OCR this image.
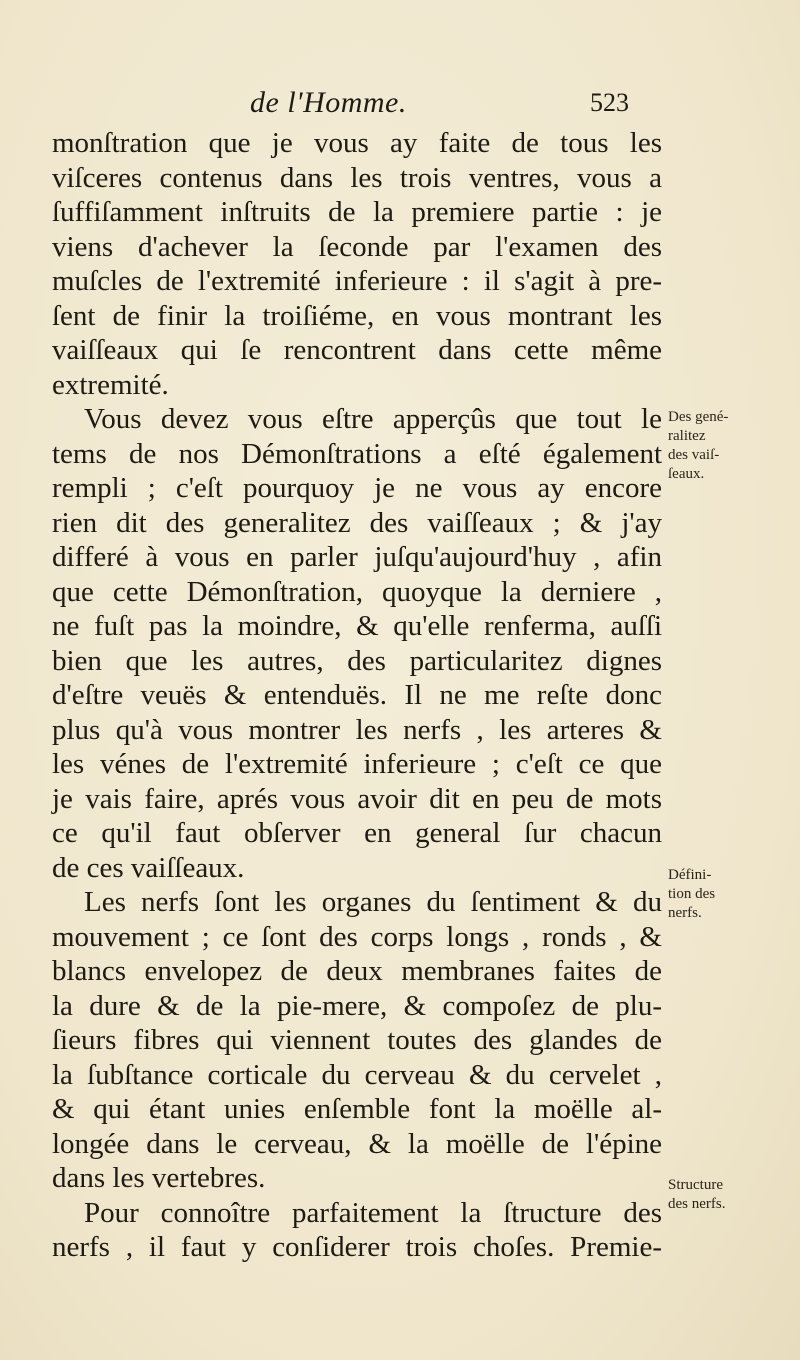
de l'Homme.	523
monſtration que je vous ay faite de tous les
viſceres contenus dans les trois ventres, vous a
ſuffiſamment inſtruits de la premiere partie : je
viens d'achever la ſeconde par l'examen des
muſcles de l'extremité inferieure : il s'agit à pre-
ſent de finir la troiſiéme, en vous montrant les
vaiſſeaux qui ſe rencontrent dans cette même
extremité.
Vous devez vous eſtre apperçûs que tout le
tems de nos Démonſtrations a eſté également
rempli ; c'eſt pourquoy je ne vous ay encore
rien dit des generalitez des vaiſſeaux ; & j'ay
differé à vous en parler juſqu'aujourd'huy , afin
que cette Démonſtration, quoyque la derniere ,
ne fuſt pas la moindre, & qu'elle renferma, auſſi
bien que les autres, des particularitez dignes
d'eſtre veuës & entenduës. Il ne me reſte donc
plus qu'à vous montrer les nerfs , les arteres &
les vénes de l'extremité inferieure ; c'eſt ce que
je vais faire, aprés vous avoir dit en peu de mots
ce qu'il faut obſerver en general ſur chacun
de ces vaiſſeaux.
Les nerfs ſont les organes du ſentiment & du
mouvement ; ce ſont des corps longs , ronds , &
blancs envelopez de deux membranes faites de
la dure & de la pie-mere, & compoſez de plu-
ſieurs fibres qui viennent toutes des glandes de
la ſubſtance corticale du cerveau & du cervelet ,
& qui étant unies enſemble font la moëlle al-
longée dans le cerveau, & la moëlle de l'épine
dans les vertebres.
Pour connoître parfaitement la ſtructure des
nerfs , il faut y conſiderer trois choſes. Premie-
Des gené-
ralitez
des vaiſ-
ſeaux.
Défini-
tion des
nerfs.
Structure
des nerfs.
